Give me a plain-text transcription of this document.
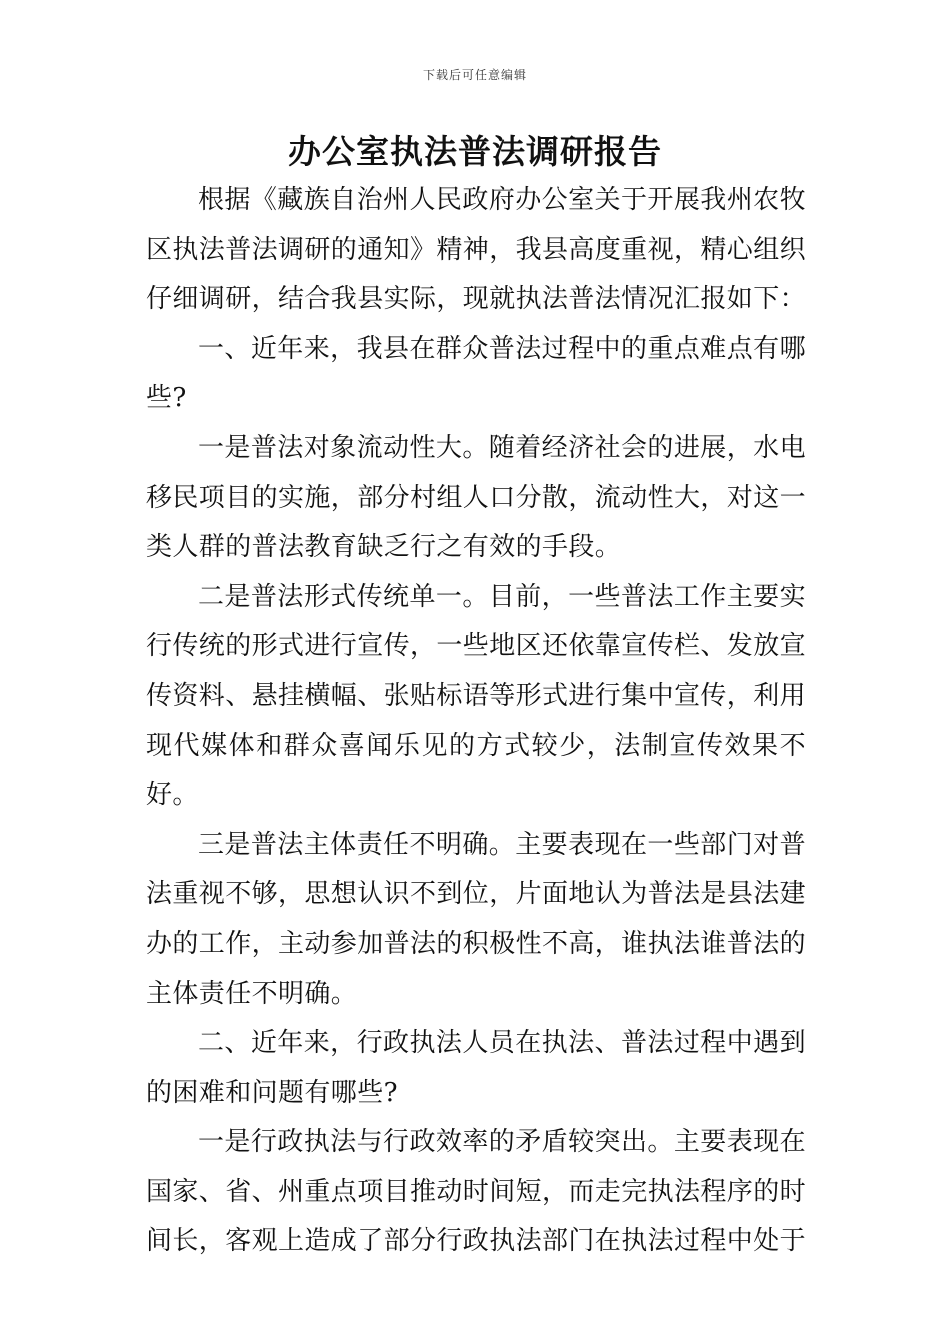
下载后可任意编辑
办公室执法普法调研报告

根据《藏族自治州人民政府办公室关于开展我州农牧区执法普法调研的通知》精神，我县高度重视，精心组织仔细调研，结合我县实际，现就执法普法情况汇报如下：

一、近年来，我县在群众普法过程中的重点难点有哪些?

一是普法对象流动性大。随着经济社会的进展，水电移民项目的实施，部分村组人口分散，流动性大，对这一类人群的普法教育缺乏行之有效的手段。

二是普法形式传统单一。目前，一些普法工作主要实行传统的形式进行宣传，一些地区还依靠宣传栏、发放宣传资料、悬挂横幅、张贴标语等形式进行集中宣传，利用现代媒体和群众喜闻乐见的方式较少，法制宣传效果不好。

三是普法主体责任不明确。主要表现在一些部门对普法重视不够，思想认识不到位，片面地认为普法是县法建办的工作，主动参加普法的积极性不高，谁执法谁普法的主体责任不明确。

二、近年来，行政执法人员在执法、普法过程中遇到的困难和问题有哪些?

一是行政执法与行政效率的矛盾较突出。主要表现在国家、省、州重点项目推动时间短，而走完执法程序的时间长，客观上造成了部分行政执法部门在执法过程中处于
